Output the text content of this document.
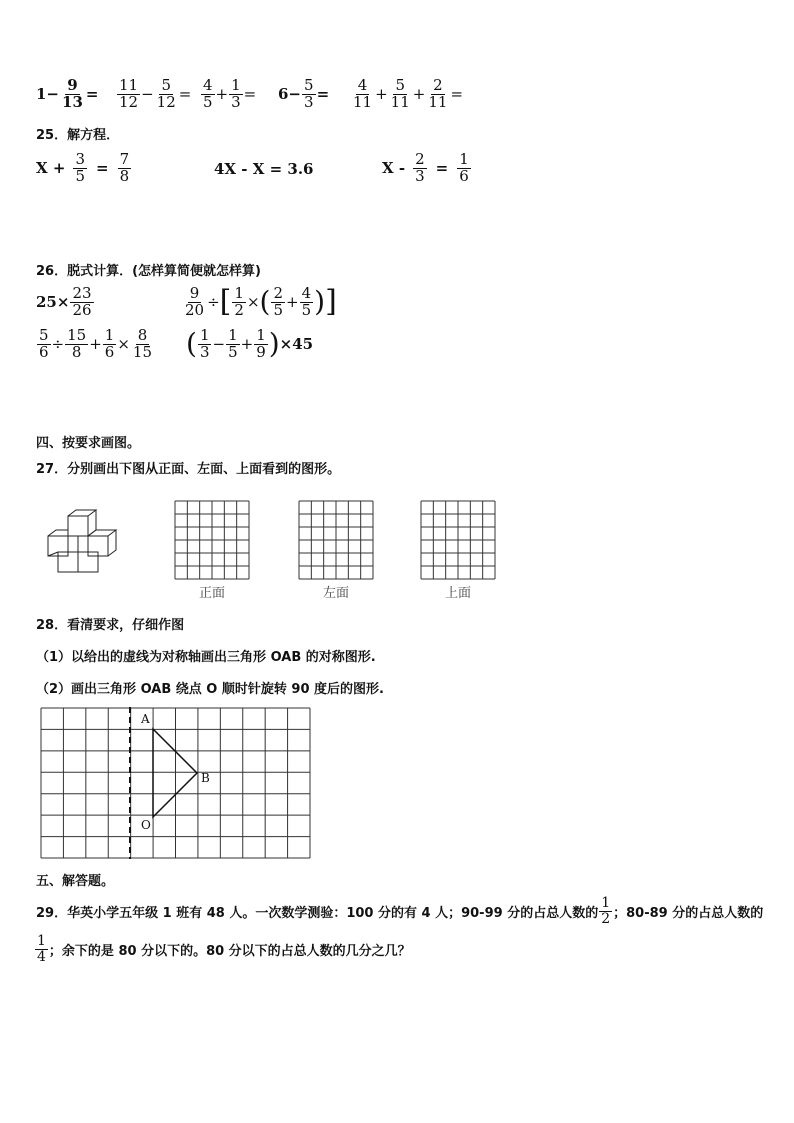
$1- \frac{9}{13} = \frac{11}{12} - \frac{5}{12} = \frac{4}{5} + \frac{1}{3} = 6- \frac{5}{3} = \frac{4}{11} + \frac{5}{11} + \frac{2}{11}$ =
25．解方程．
$X + \frac{3}{5} = \frac{7}{8}$	4X - X = 3.6	$X - \frac{2}{3} = \frac{1}{6}$
26．脱式计算．(怎样算简便就怎样算)
$25\times \frac{23}{26}$	$\frac{9}{20}$ ÷ [ $\frac{1}{2}$ × ( $\frac{2}{5} + \frac{4}{5}$ ) ]
$\frac{5}{6} \div \frac{15}{8} + \frac{1}{6} \times \frac{8}{15}$ ( $\frac{1}{3} - \frac{1}{5} + \frac{1}{9}$ ) ×45
四、按要求画图。
27．分别画出下图从正面、左面、上面看到的图形。
正面	左面	上面
28．看清要求，仔细作图
（1）以给出的虚线为对称轴画出三角形 OAB 的对称图形.
（2）画出三角形 OAB 绕点 O 顺时针旋转 90 度后的图形.
A
B
O
五、解答题。
29．华英小学五年级 1 班有 48 人。一次数学测验：100 分的有 4 人；90-99 分的占总人数的 $\frac{1}{2}$ ；80-89 分的占总人数的
$\frac{1}{4}$ ；余下的是 80 分以下的。80 分以下的占总人数的几分之几？
